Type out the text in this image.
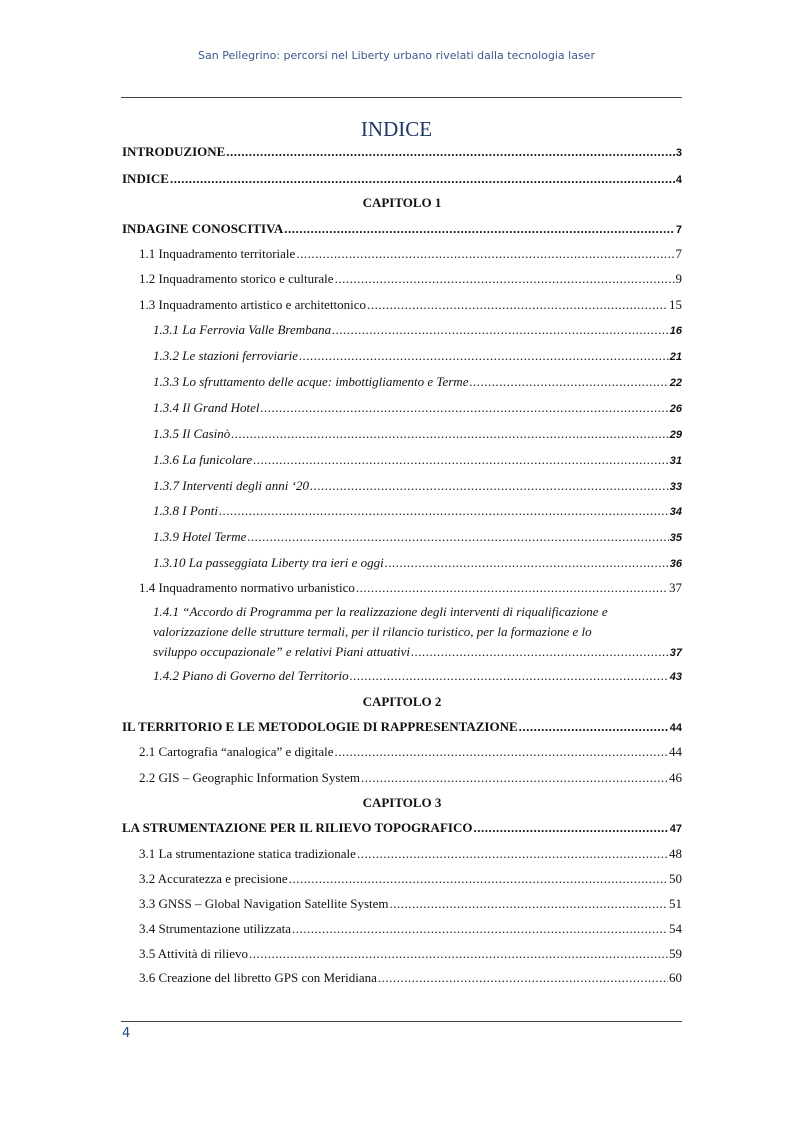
San Pellegrino: percorsi nel Liberty urbano rivelati dalla tecnologia laser
INDICE
INTRODUZIONE .....	3
INDICE .....	4
CAPITOLO 1
INDAGINE CONOSCITIVA .....	7
1.1 Inquadramento territoriale .....	7
1.2 Inquadramento storico e culturale .....	9
1.3 Inquadramento artistico e architettonico .....	15
1.3.1 La Ferrovia Valle Brembana .....	16
1.3.2 Le stazioni ferroviarie .....	21
1.3.3 Lo sfruttamento delle acque: imbottigliamento e Terme .....	22
1.3.4 Il Grand Hotel .....	26
1.3.5 Il Casinò .....	29
1.3.6 La funicolare .....	31
1.3.7 Interventi degli anni ‘20 .....	33
1.3.8 I Ponti .....	34
1.3.9 Hotel Terme .....	35
1.3.10 La passeggiata Liberty tra ieri e oggi .....	36
1.4 Inquadramento normativo urbanistico .....	37
1.4.1 “Accordo di Programma per la realizzazione degli interventi di riqualificazione e
valorizzazione delle strutture termali, per il rilancio turistico, per la formazione e lo
sviluppo occupazionale” e relativi Piani attuativi .....	37
1.4.2 Piano di Governo del Territorio .....	43
CAPITOLO 2
IL TERRITORIO E LE METODOLOGIE DI RAPPRESENTAZIONE .....	44
2.1 Cartografia “analogica” e digitale .....	44
2.2 GIS – Geographic Information System .....	46
CAPITOLO 3
LA STRUMENTAZIONE PER IL RILIEVO TOPOGRAFICO .....	47
3.1 La strumentazione statica tradizionale .....	48
3.2 Accuratezza e precisione .....	50
3.3 GNSS – Global Navigation Satellite System .....	51
3.4 Strumentazione utilizzata .....	54
3.5 Attività di rilievo .....	59
3.6 Creazione del libretto GPS con Meridiana .....	60
4
